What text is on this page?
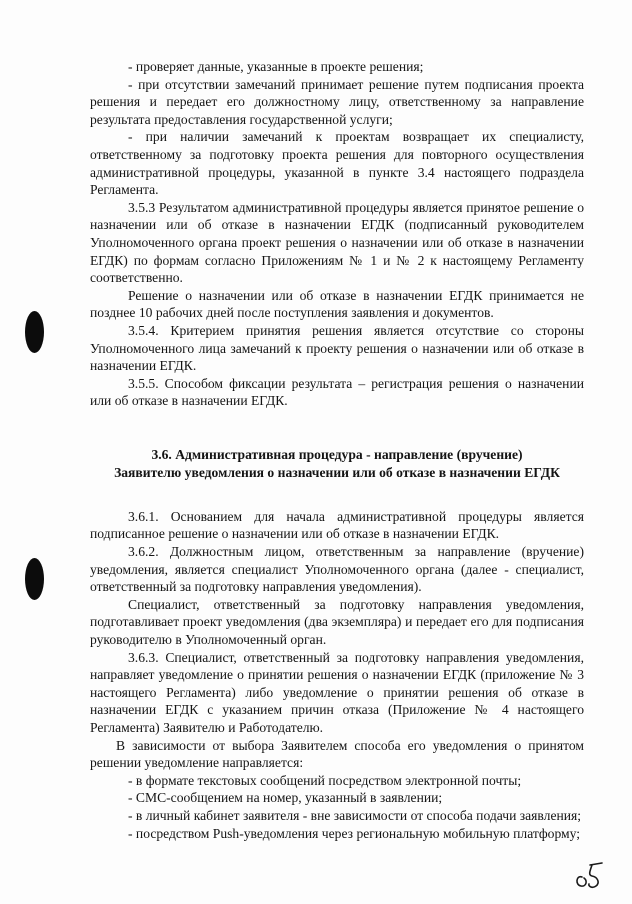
- проверяет данные, указанные в проекте решения;

- при отсутствии замечаний принимает решение путем подписания проекта решения и передает его должностному лицу, ответственному за направление результата предоставления государственной услуги;

- при наличии замечаний к проектам возвращает их специалисту, ответственному за подготовку проекта решения для повторного осуществления административной процедуры, указанной в пункте 3.4 настоящего подраздела Регламента.

3.5.3 Результатом административной процедуры является принятое решение о назначении или об отказе в назначении ЕГДК (подписанный руководителем Уполномоченного органа проект решения о назначении или об отказе в назначении ЕГДК) по формам согласно Приложениям № 1 и № 2 к настоящему Регламенту соответственно.

Решение о назначении или об отказе в назначении ЕГДК принимается не позднее 10 рабочих дней после поступления заявления и документов.

3.5.4. Критерием принятия решения является отсутствие со стороны Уполномоченного лица замечаний к проекту решения о назначении или об отказе в назначении ЕГДК.

3.5.5. Способом фиксации результата – регистрация решения о назначении или об отказе в назначении ЕГДК.

3.6. Административная процедура - направление (вручение)
Заявителю уведомления о назначении или об отказе в назначении ЕГДК

3.6.1. Основанием для начала административной процедуры является подписанное решение о назначении или об отказе в назначении ЕГДК.

3.6.2. Должностным лицом, ответственным за направление (вручение) уведомления, является специалист Уполномоченного органа (далее - специалист, ответственный за подготовку направления уведомления).

Специалист, ответственный за подготовку направления уведомления, подготавливает проект уведомления (два экземпляра) и передает его для подписания руководителю в Уполномоченный орган.

3.6.3. Специалист, ответственный за подготовку направления уведомления, направляет уведомление о принятии решения о назначении ЕГДК (приложение № 3 настоящего Регламента) либо уведомление о принятии решения об отказе в назначении ЕГДК с указанием причин отказа (Приложение № 4 настоящего Регламента) Заявителю и Работодателю.

В зависимости от выбора Заявителем способа его уведомления о принятом решении уведомление направляется:

- в формате текстовых сообщений посредством электронной почты;

- СМС-сообщением на номер, указанный в заявлении;

- в личный кабинет заявителя - вне зависимости от способа подачи заявления;

- посредством Push-уведомления через региональную мобильную платформу;
